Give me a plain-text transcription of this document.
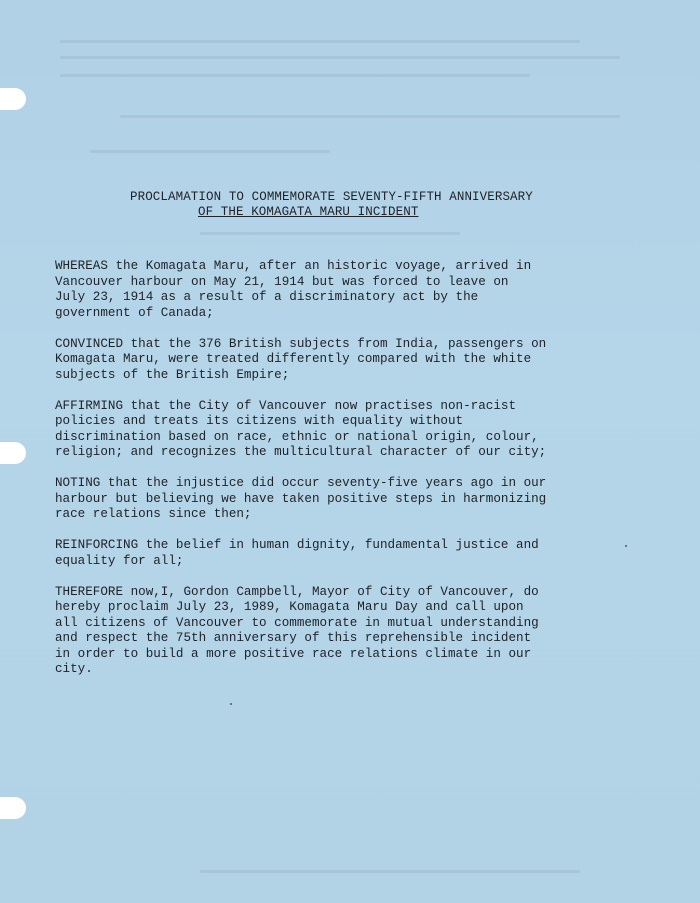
PROCLAMATION TO COMMEMORATE SEVENTY-FIFTH ANNIVERSARY
OF THE KOMAGATA MARU INCIDENT

WHEREAS the Komagata Maru, after an historic voyage, arrived in
Vancouver harbour on May 21, 1914 but was forced to leave on
July 23, 1914 as a result of a discriminatory act by the
government of Canada;

CONVINCED that the 376 British subjects from India, passengers on
Komagata Maru, were treated differently compared with the white
subjects of the British Empire;

AFFIRMING that the City of Vancouver now practises non-racist
policies and treats its citizens with equality without
discrimination based on race, ethnic or national origin, colour,
religion; and recognizes the multicultural character of our city;

NOTING that the injustice did occur seventy-five years ago in our
harbour but believing we have taken positive steps in harmonizing
race relations since then;

REINFORCING the belief in human dignity, fundamental justice and
equality for all;

THEREFORE now,I, Gordon Campbell, Mayor of City of Vancouver, do
hereby proclaim July 23, 1989, Komagata Maru Day and call upon
all citizens of Vancouver to commemorate in mutual understanding
and respect the 75th anniversary of this reprehensible incident
in order to build a more positive race relations climate in our
city.
